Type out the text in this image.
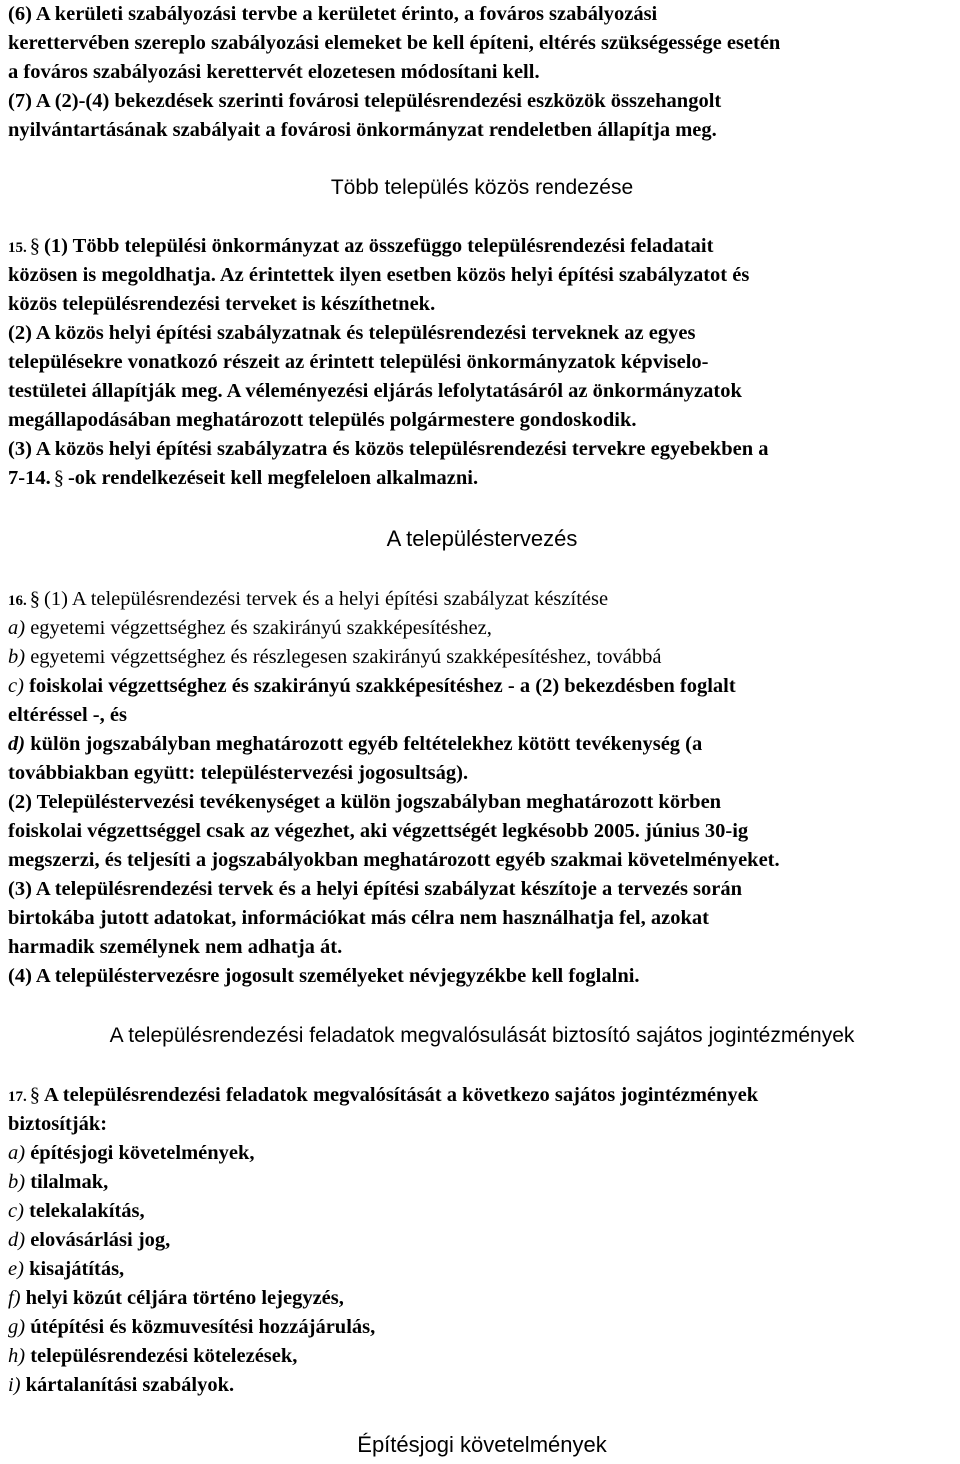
(6) A kerületi szabályozási tervbe a kerületet érinto, a fováros szabályozási
kerettervében szereplo szabályozási elemeket be kell építeni, eltérés szükségessége esetén
a fováros szabályozási kerettervét elozetesen módosítani kell.
(7) A (2)-(4) bekezdések szerinti fovárosi településrendezési eszközök összehangolt
nyilvántartásának szabályait a fovárosi önkormányzat rendeletben állapítja meg.
Több település közös rendezése
15. § (1) Több települési önkormányzat az összefüggo településrendezési feladatait
közösen is megoldhatja. Az érintettek ilyen esetben közös helyi építési szabályzatot és
közös településrendezési terveket is készíthetnek.
(2) A közös helyi építési szabályzatnak és településrendezési terveknek az egyes
településekre vonatkozó részeit az érintett települési önkormányzatok képviselo-
testületei állapítják meg. A véleményezési eljárás lefolytatásáról az önkormányzatok
megállapodásában meghatározott település polgármestere gondoskodik.
(3) A közös helyi építési szabályzatra és közös településrendezési tervekre egyebekben a
7-14. § -ok rendelkezéseit kell megfeleloen alkalmazni.
A településtervezés
16. § (1) A településrendezési tervek és a helyi építési szabályzat készítése
a) egyetemi végzettséghez és szakirányú szakképesítéshez,
b) egyetemi végzettséghez és részlegesen szakirányú szakképesítéshez, továbbá
c) foiskolai végzettséghez és szakirányú szakképesítéshez - a (2) bekezdésben foglalt
eltéréssel -, és
d) külön jogszabályban meghatározott egyéb feltételekhez kötött tevékenység (a
továbbiakban együtt: településtervezési jogosultság).
(2) Településtervezési tevékenységet a külön jogszabályban meghatározott körben
foiskolai végzettséggel csak az végezhet, aki végzettségét legkésobb 2005. június 30-ig
megszerzi, és teljesíti a jogszabályokban meghatározott egyéb szakmai követelményeket.
(3) A településrendezési tervek és a helyi építési szabályzat készítoje a tervezés során
birtokába jutott adatokat, információkat más célra nem használhatja fel, azokat
harmadik személynek nem adhatja át.
(4) A településtervezésre jogosult személyeket névjegyzékbe kell foglalni.
A településrendezési feladatok megvalósulását biztosító sajátos jogintézmények
17. § A településrendezési feladatok megvalósítását a következo sajátos jogintézmények
biztosítják:
a) építésjogi követelmények,
b) tilalmak,
c) telekalakítás,
d) elovásárlási jog,
e) kisajátítás,
f) helyi közút céljára történo lejegyzés,
g) útépítési és közmuvesítési hozzájárulás,
h) településrendezési kötelezések,
i) kártalanítási szabályok.
Építésjogi követelmények
